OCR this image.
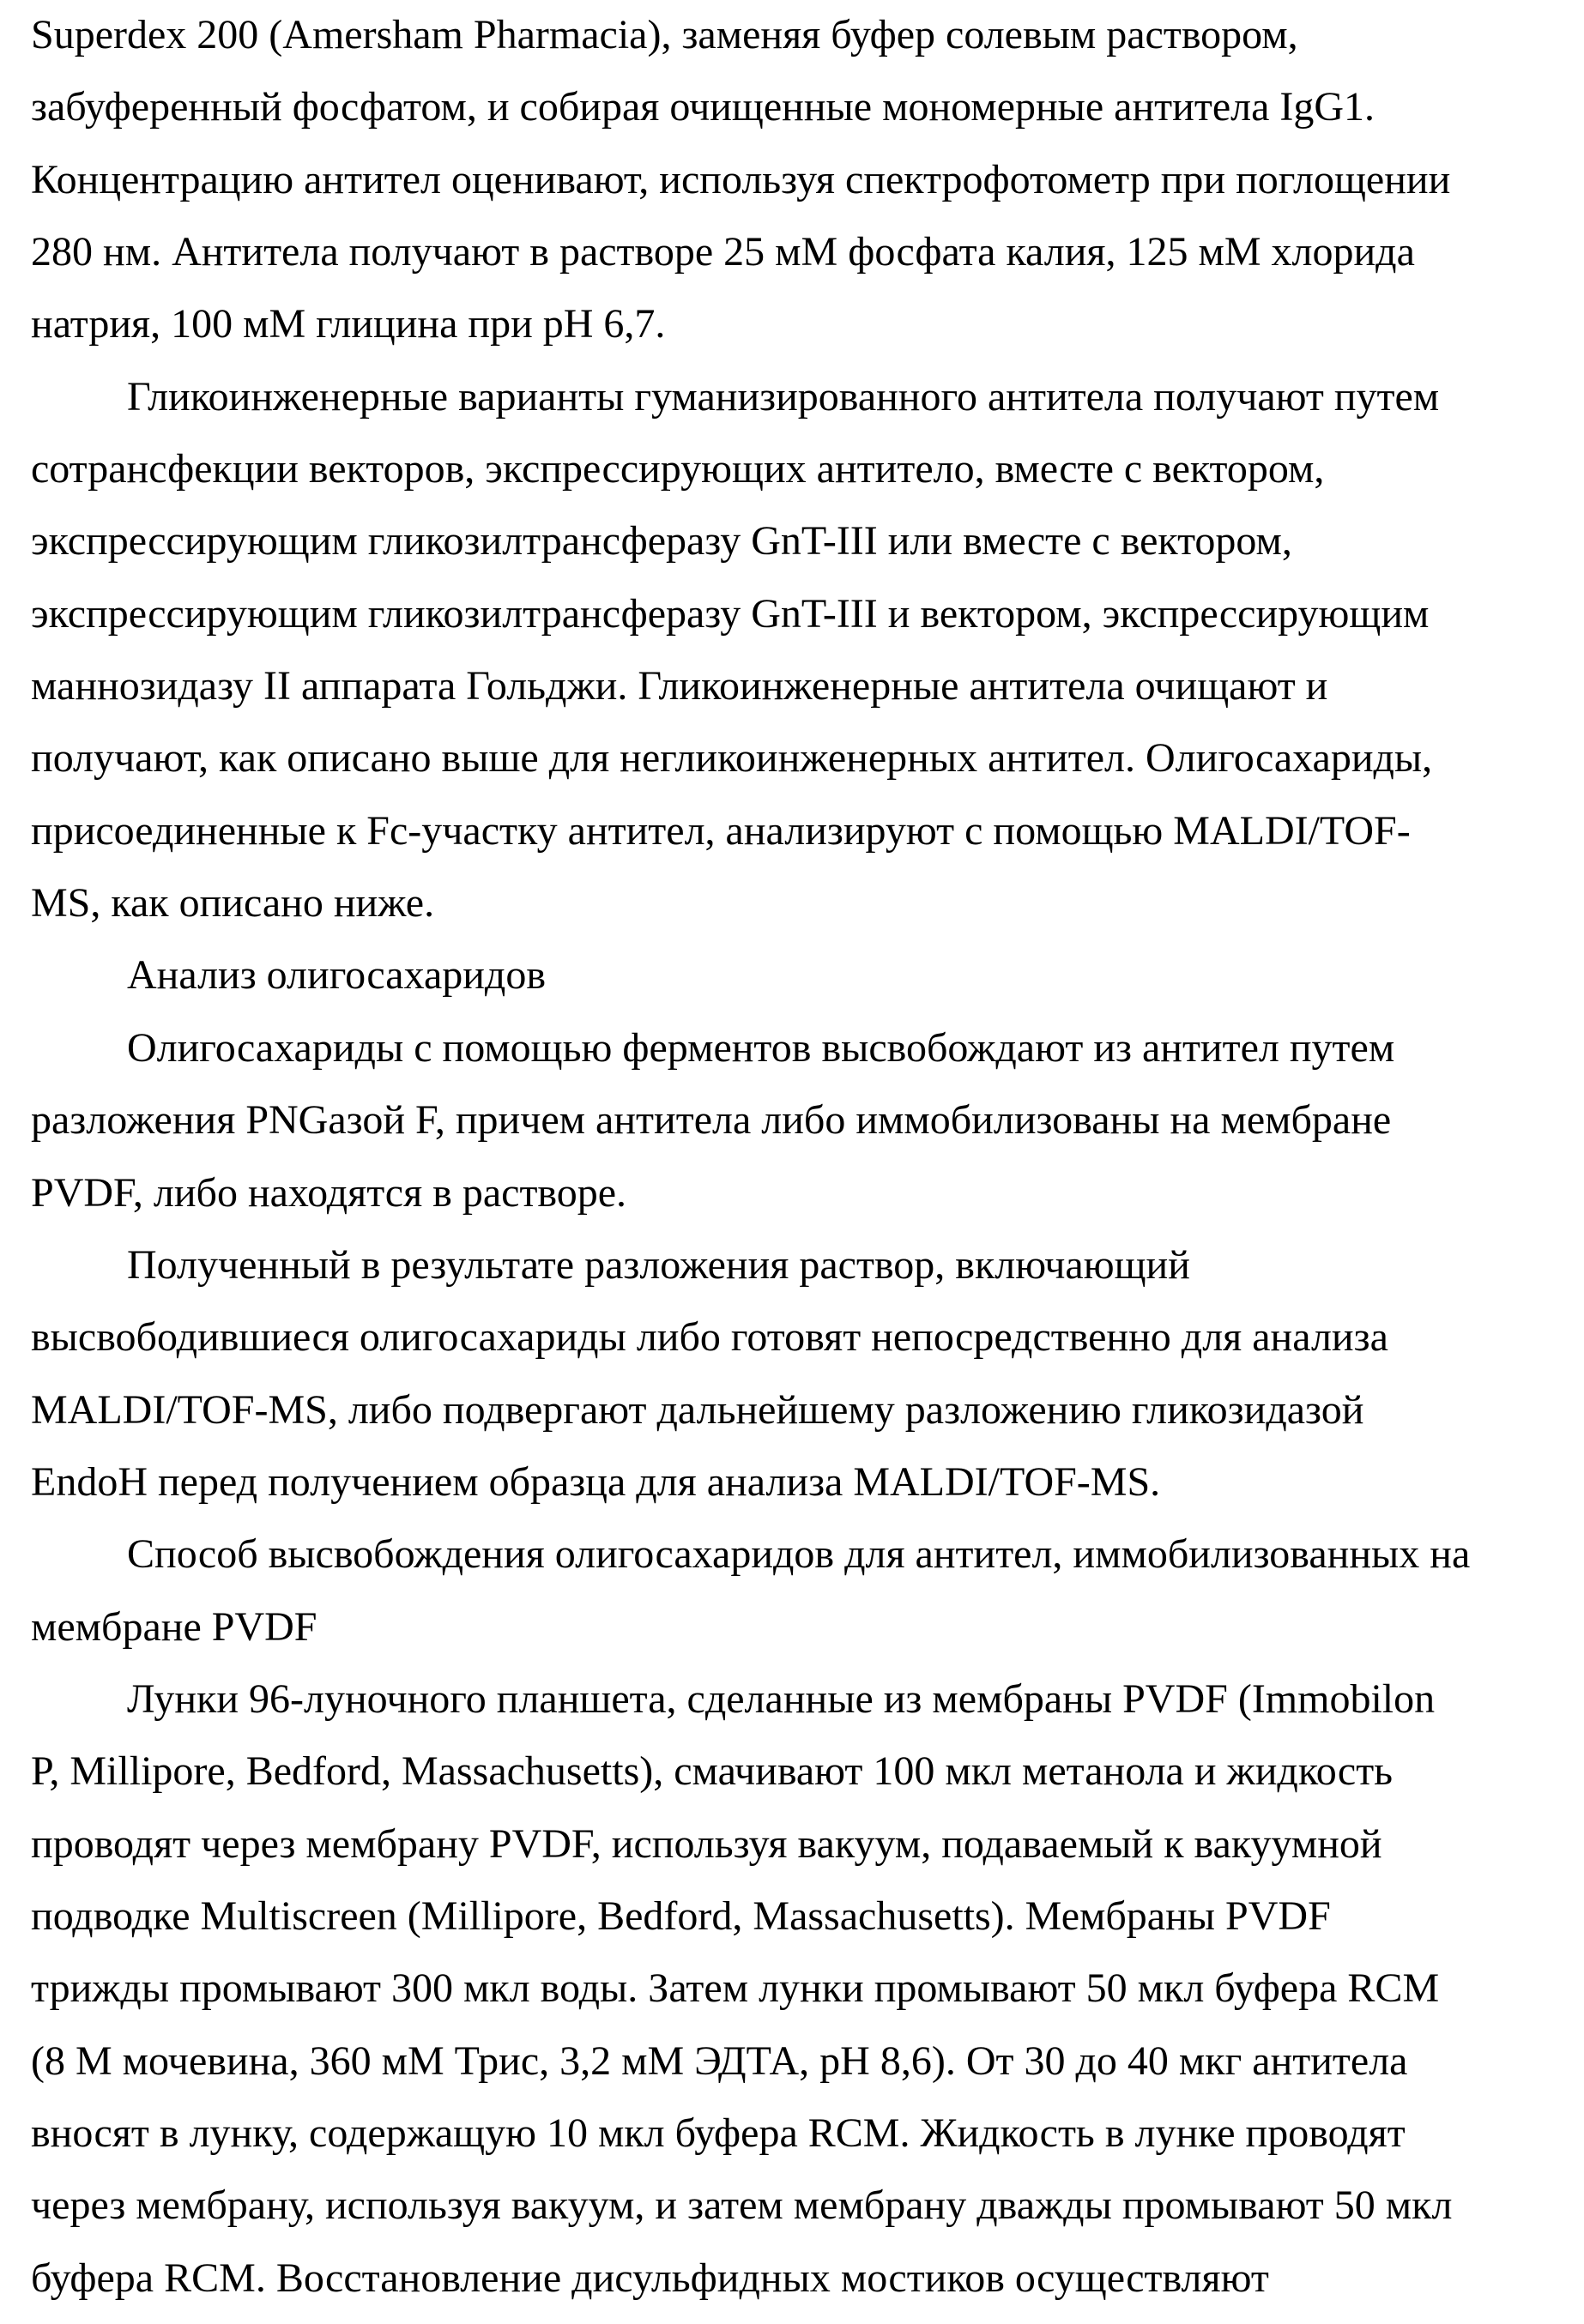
Superdex 200 (Amersham Pharmacia), заменяя буфер солевым раствором,
забуференный фосфатом, и собирая очищенные мономерные антитела IgG1.
Концентрацию антител оценивают, используя спектрофотометр при поглощении
280 нм. Антитела получают в растворе 25 мМ фосфата калия, 125 мМ хлорида
натрия, 100 мМ глицина при pH 6,7.
Гликоинженерные варианты гуманизированного антитела получают путем
сотрансфекции векторов, экспрессирующих антитело, вместе с вектором,
экспрессирующим гликозилтрансферазу GnT-III или вместе с вектором,
экспрессирующим гликозилтрансферазу GnT-III и вектором, экспрессирующим
маннозидазу II аппарата Гольджи. Гликоинженерные антитела очищают и
получают, как описано выше для негликоинженерных антител. Олигосахариды,
присоединенные к Fc-участку антител, анализируют с помощью MALDI/TOF-
MS, как описано ниже.
Анализ олигосахаридов
Олигосахариды с помощью ферментов высвобождают из антител путем
разложения PNGазой F, причем антитела либо иммобилизованы на мембране
PVDF, либо находятся в растворе.
Полученный в результате разложения раствор, включающий
высвободившиеся олигосахариды либо готовят непосредственно для анализа
MALDI/TOF-MS, либо подвергают дальнейшему разложению гликозидазой
EndoH перед получением образца для анализа MALDI/TOF-MS.
Способ высвобождения олигосахаридов для антител, иммобилизованных на
мембране PVDF
Лунки 96-луночного планшета, сделанные из мембраны PVDF (Immobilon
P, Millipore, Bedford, Massachusetts), смачивают 100 мкл метанола и жидкость
проводят через мембрану PVDF, используя вакуум, подаваемый к вакуумной
подводке Multiscreen (Millipore, Bedford, Massachusetts). Мембраны PVDF
трижды промывают 300 мкл воды. Затем лунки промывают 50 мкл буфера RCM
(8 M мочевина, 360 мМ Трис, 3,2 мМ ЭДТА, pH 8,6). От 30 до 40 мкг антитела
вносят в лунку, содержащую 10 мкл буфера RCM. Жидкость в лунке проводят
через мембрану, используя вакуум, и затем мембрану дважды промывают 50 мкл
буфера RCM. Восстановление дисульфидных мостиков осуществляют
